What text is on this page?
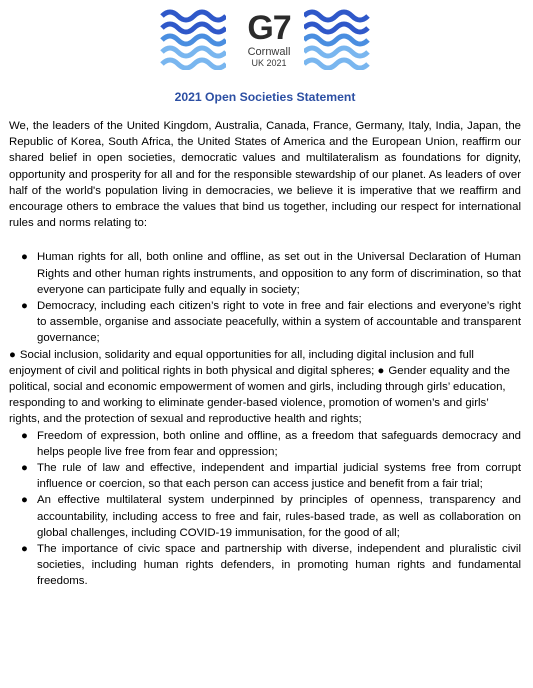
G7
Cornwall
UK 2021
2021 Open Societies Statement

We, the leaders of the United Kingdom, Australia, Canada, France, Germany, Italy, India, Japan, the Republic of Korea, South Africa, the United States of America and the European Union, reaffirm our shared belief in open societies, democratic values and multilateralism as foundations for dignity, opportunity and prosperity for all and for the responsible stewardship of our planet. As leaders of over half of the world's population living in democracies, we believe it is imperative that we reaffirm and encourage others to embrace the values that bind us together, including our respect for international rules and norms relating to:

● Human rights for all, both online and offline, as set out in the Universal Declaration of Human Rights and other human rights instruments, and opposition to any form of discrimination, so that everyone can participate fully and equally in society;
● Democracy, including each citizen’s right to vote in free and fair elections and everyone’s right to assemble, organise and associate peacefully, within a system of accountable and transparent governance;
● Social inclusion, solidarity and equal opportunities for all, including digital inclusion and full enjoyment of civil and political rights in both physical and digital spheres; ● Gender equality and the political, social and economic empowerment of women and girls, including through girls’ education, responding to and working to eliminate gender-based violence, promotion of women’s and girls’ rights, and the protection of sexual and reproductive health and rights;
● Freedom of expression, both online and offline, as a freedom that safeguards democracy and helps people live free from fear and oppression;
● The rule of law and effective, independent and impartial judicial systems free from corrupt influence or coercion, so that each person can access justice and benefit from a fair trial;
● An effective multilateral system underpinned by principles of openness, transparency and accountability, including access to free and fair, rules-based trade, as well as collaboration on global challenges, including COVID-19 immunisation, for the good of all;
● The importance of civic space and partnership with diverse, independent and pluralistic civil societies, including human rights defenders, in promoting human rights and fundamental freedoms.
